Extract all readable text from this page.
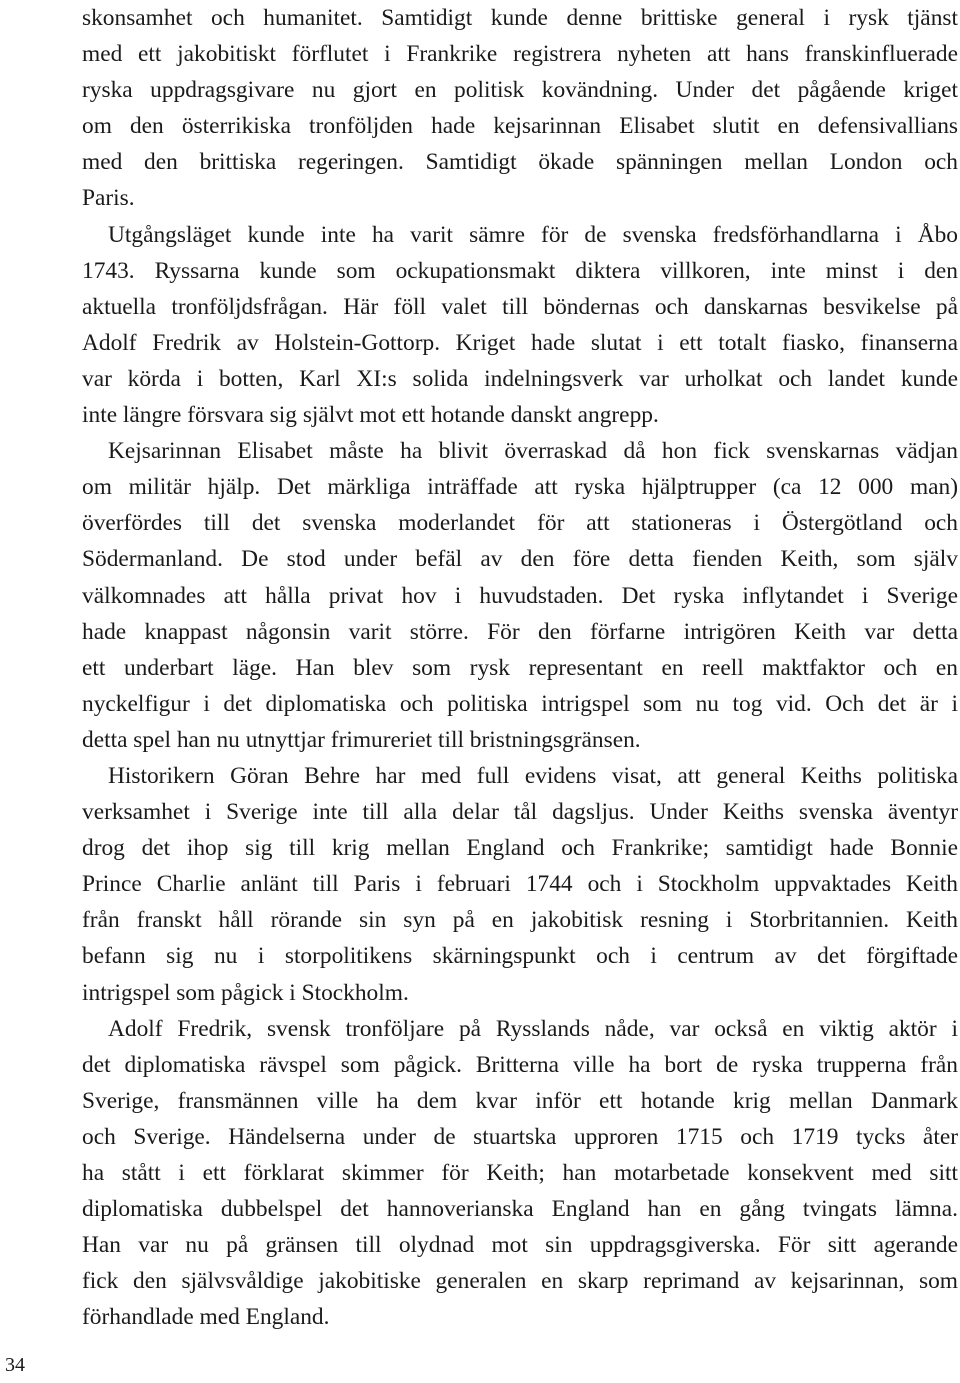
skonsamhet och humanitet. Samtidigt kunde denne brittiske general i rysk tjänst
med ett jakobitiskt förflutet i Frankrike registrera nyheten att hans franskinfluerade
ryska uppdragsgivare nu gjort en politisk kovändning. Under det pågående kriget
om den österrikiska tronföljden hade kejsarinnan Elisabet slutit en defensivallians
med den brittiska regeringen. Samtidigt ökade spänningen mellan London och
Paris.
Utgångsläget kunde inte ha varit sämre för de svenska fredsförhandlarna i Åbo
1743. Ryssarna kunde som ockupationsmakt diktera villkoren, inte minst i den
aktuella tronföljdsfrågan. Här föll valet till böndernas och danskarnas besvikelse på
Adolf Fredrik av Holstein-Gottorp. Kriget hade slutat i ett totalt fiasko, finanserna
var körda i botten, Karl XI:s solida indelningsverk var urholkat och landet kunde
inte längre försvara sig självt mot ett hotande danskt angrepp.
Kejsarinnan Elisabet måste ha blivit överraskad då hon fick svenskarnas vädjan
om militär hjälp. Det märkliga inträffade att ryska hjälptrupper (ca 12 000 man)
överfördes till det svenska moderlandet för att stationeras i Östergötland och
Södermanland. De stod under befäl av den före detta fienden Keith, som själv
välkomnades att hålla privat hov i huvudstaden. Det ryska inflytandet i Sverige
hade knappast någonsin varit större. För den förfarne intrigören Keith var detta
ett underbart läge. Han blev som rysk representant en reell maktfaktor och en
nyckelfigur i det diplomatiska och politiska intrigspel som nu tog vid. Och det är i
detta spel han nu utnyttjar frimureriet till bristningsgränsen.
Historikern Göran Behre har med full evidens visat, att general Keiths politiska
verksamhet i Sverige inte till alla delar tål dagsljus. Under Keiths svenska äventyr
drog det ihop sig till krig mellan England och Frankrike; samtidigt hade Bonnie
Prince Charlie anlänt till Paris i februari 1744 och i Stockholm uppvaktades Keith
från franskt håll rörande sin syn på en jakobitisk resning i Storbritannien. Keith
befann sig nu i storpolitikens skärningspunkt och i centrum av det förgiftade
intrigspel som pågick i Stockholm.
Adolf Fredrik, svensk tronföljare på Rysslands nåde, var också en viktig aktör i
det diplomatiska rävspel som pågick. Britterna ville ha bort de ryska trupperna från
Sverige, fransmännen ville ha dem kvar inför ett hotande krig mellan Danmark
och Sverige. Händelserna under de stuartska upproren 1715 och 1719 tycks åter
ha stått i ett förklarat skimmer för Keith; han motarbetade konsekvent med sitt
diplomatiska dubbelspel det hannoverianska England han en gång tvingats lämna.
Han var nu på gränsen till olydnad mot sin uppdragsgiverska. För sitt agerande
fick den självsvåldige jakobitiske generalen en skarp reprimand av kejsarinnan, som
förhandlade med England.
34
